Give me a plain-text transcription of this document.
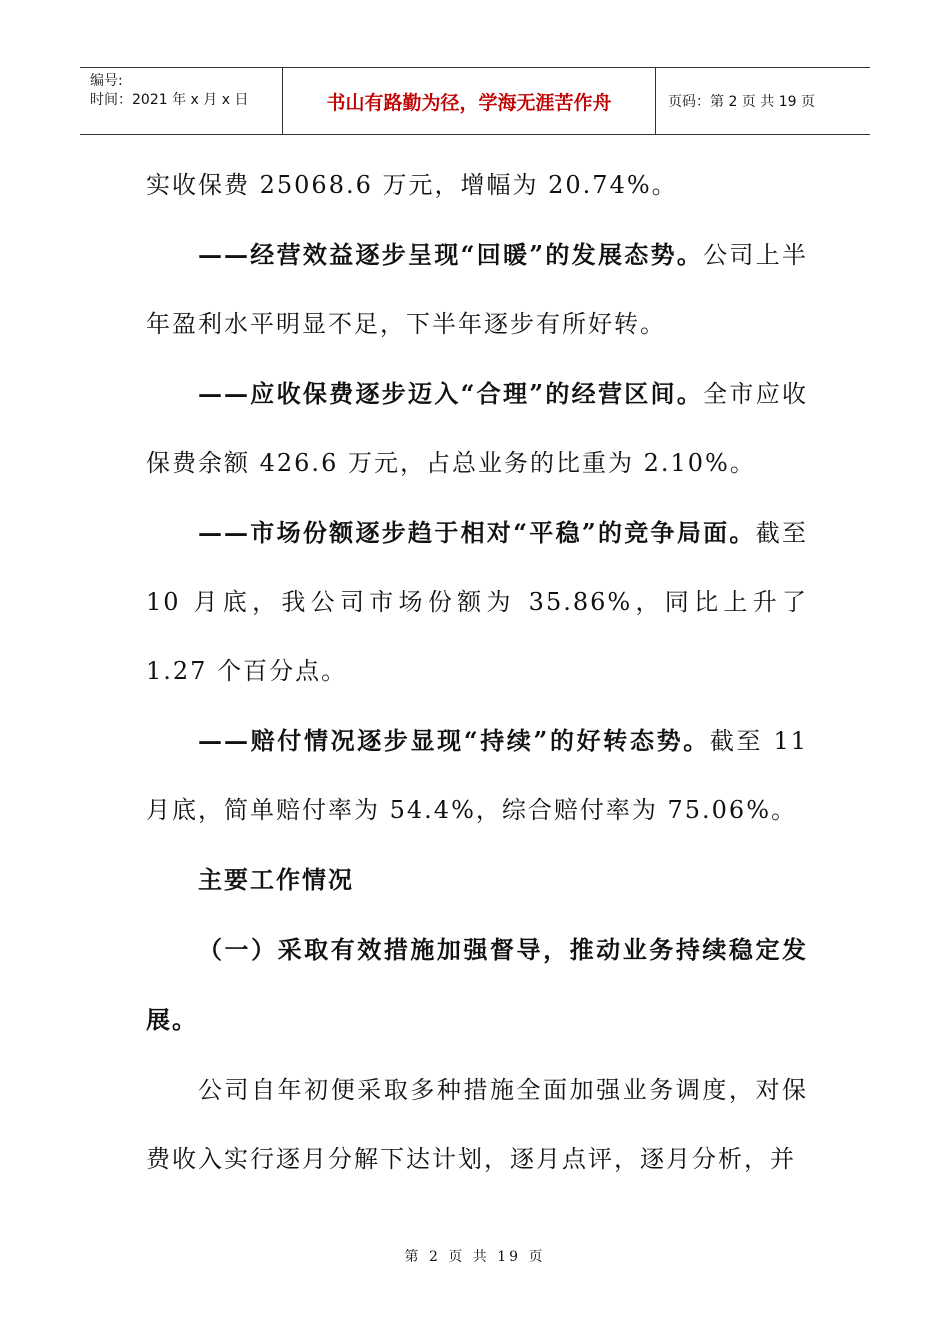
编号:
时间：2021 年 x 月 x 日	书山有路勤为径，学海无涯苦作舟	页码：第 2 页 共 19 页

实收保费 25068.6 万元，增幅为 20.74%。

——经营效益逐步呈现“回暖”的发展态势。公司上半年盈利水平明显不足，下半年逐步有所好转。

——应收保费逐步迈入“合理”的经营区间。全市应收保费余额 426.6 万元，占总业务的比重为 2.10%。

——市场份额逐步趋于相对“平稳”的竞争局面。截至 10 月底，我公司市场份额为 35.86%，同比上升了 1.27 个百分点。

——赔付情况逐步显现“持续”的好转态势。截至 11 月底，简单赔付率为 54.4%，综合赔付率为 75.06%。

主要工作情况

（一）采取有效措施加强督导，推动业务持续稳定发展。

公司自年初便采取多种措施全面加强业务调度，对保费收入实行逐月分解下达计划，逐月点评，逐月分析，并

第 2 页 共 19 页
